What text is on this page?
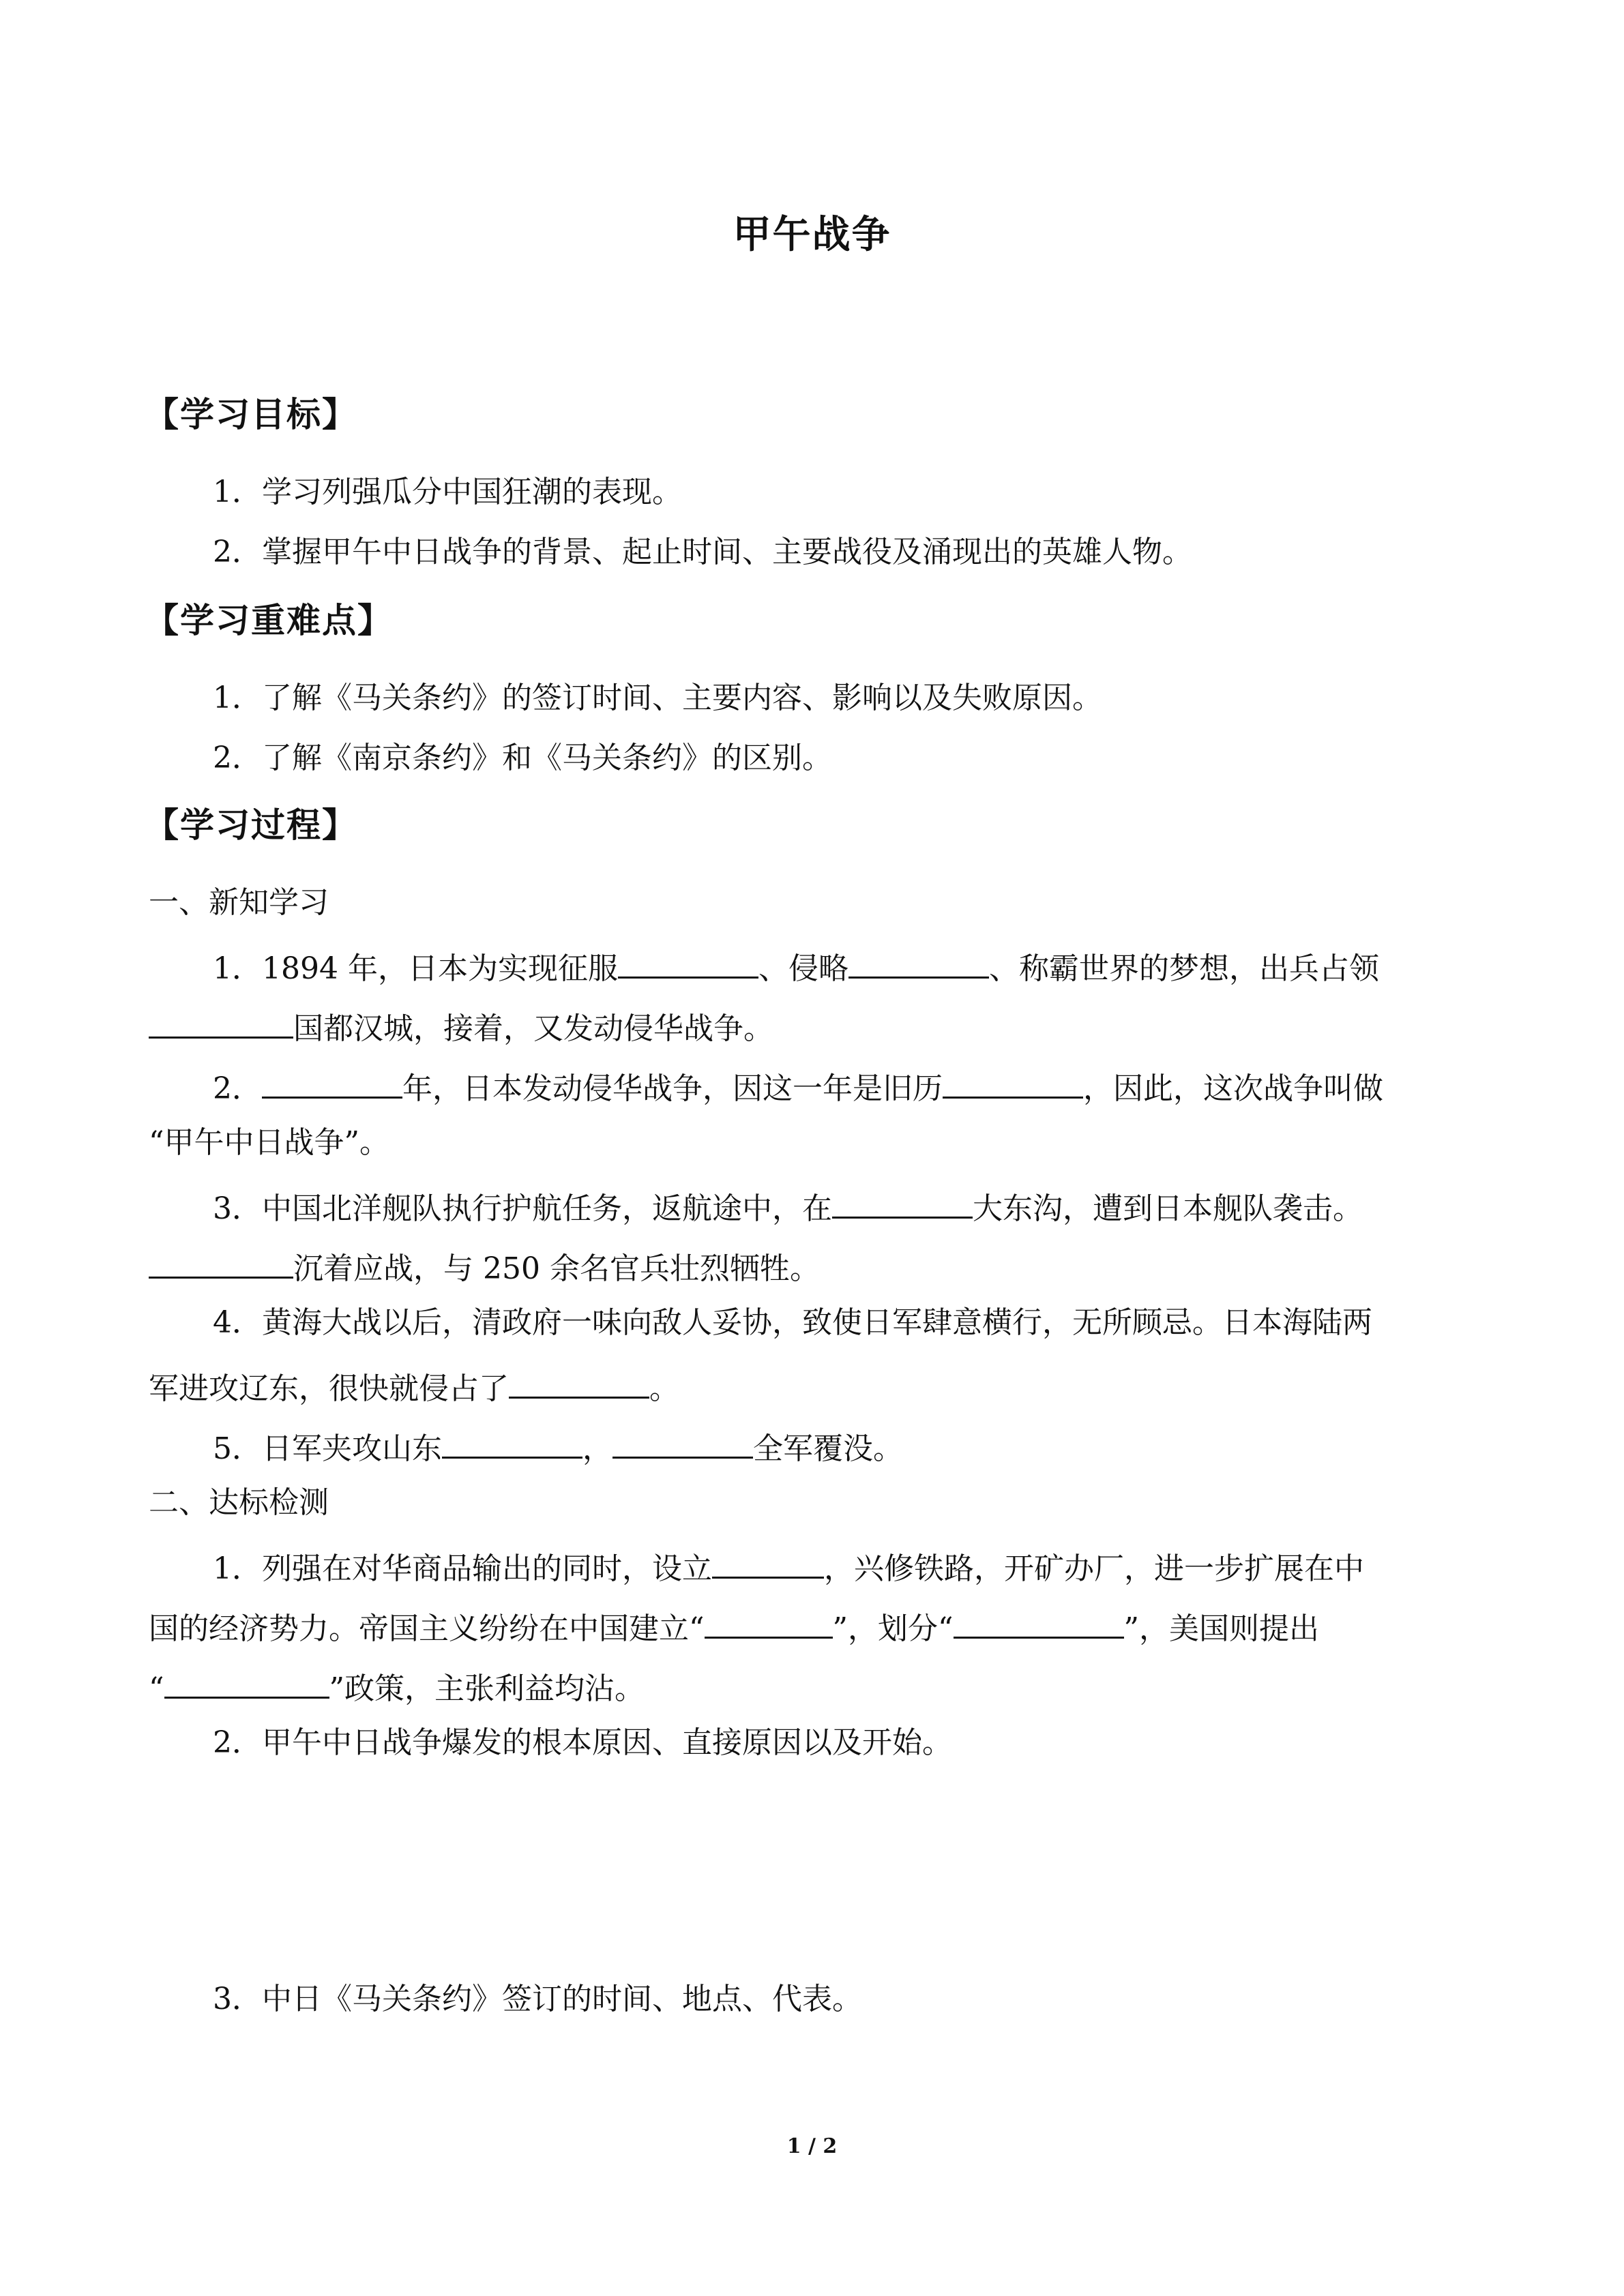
甲午战争
【学习目标】
1．学习列强瓜分中国狂潮的表现。
2．掌握甲午中日战争的背景、起止时间、主要战役及涌现出的英雄人物。
【学习重难点】
1．了解《马关条约》的签订时间、主要内容、影响以及失败原因。
2．了解《南京条约》和《马关条约》的区别。
【学习过程】
一、新知学习
1．1894 年，日本为实现征服	、侵略	、称霸世界的梦想，出兵占领
国都汉城，接着，又发动侵华战争。
2．	年，日本发动侵华战争，因这一年是旧历	，因此，这次战争叫做
“甲午中日战争”。
3．中国北洋舰队执行护航任务，返航途中，在	大东沟，遭到日本舰队袭击。
沉着应战，与 250 余名官兵壮烈牺牲。
4．黄海大战以后，清政府一味向敌人妥协，致使日军肆意横行，无所顾忌。日本海陆两
军进攻辽东，很快就侵占了	。
5．日军夹攻山东	，	全军覆没。
二、达标检测
1．列强在对华商品输出的同时，设立	，兴修铁路，开矿办厂，进一步扩展在中
国的经济势力。帝国主义纷纷在中国建立“	”，划分“	”，美国则提出
“	”政策，主张利益均沾。
2．甲午中日战争爆发的根本原因、直接原因以及开始。
3．中日《马关条约》签订的时间、地点、代表。
1 / 2
